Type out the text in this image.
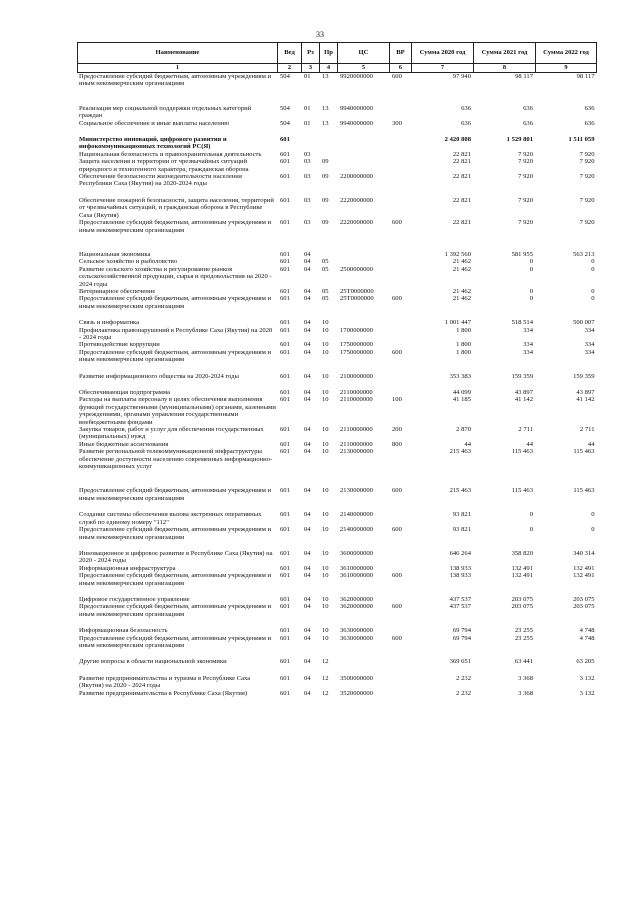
33
Наименование	Вед	Рз	Пр	ЦС	ВР	Сумма 2020 год	Сумма 2021 год	Сумма 2022 год
1	2	3	4	5	6	7	8	9
Предоставление субсидий бюджетным, автономным учреждениям и иным некоммерческим организациям	504	01	13	9920000000	600	97 940	98 117	98 117

Реализация мер социальной поддержки отдельных категорий граждан	504	01	13	9940000000		636	636	636
Социальное обеспечение и иные выплаты населению	504	01	13	9940000000	300	636	636	636

Министерство инноваций, цифрового развития и инфокоммуникационных технологий РС(Я)	601					2 420 808	1 529 801	1 511 059
Национальная безопасность и правоохранительная деятельность	601	03				22 821	7 920	7 920
Защита населения и территории от чрезвычайных ситуаций природного и техногенного характера, гражданская оборона	601	03	09			22 821	7 920	7 920
Обеспечение безопасности жизнедеятельности населения Республики Саха (Якутия) на 2020-2024 годы	601	03	09	2200000000		22 821	7 920	7 920

Обеспечение пожарной безопасности, защита населения, территорий от чрезвычайных ситуаций, и гражданская оборона в Республике Саха (Якутия)	601	03	09	2220000000		22 821	7 920	7 920
Предоставление субсидий бюджетным, автономным учреждениям и иным некоммерческим организациям	601	03	09	2220000000	600	22 821	7 920	7 920

Национальная экономика	601	04				1 392 560	581 955	563 213
Сельское хозяйство и рыболовство	601	04	05			21 462	0	0
Развитие сельского хозяйства и регулирование рынков сельскохозяйственной продукции, сырья и продовольствия на 2020 - 2024 годы	601	04	05	2500000000		21 462	0	0
Ветеринарное обеспечение	601	04	05	25Т0000000		21 462	0	0
Предоставление субсидий бюджетным, автономным учреждениям и иным некоммерческим организациям	601	04	05	25Т0000000	600	21 462	0	0

Связь и информатика	601	04	10			1 001 447	518 514	500 007
Профилактика правонарушений в Республике Саха (Якутия) на 2020 - 2024 годы	601	04	10	1700000000		1 800	334	334
Противодействие коррупции	601	04	10	1750000000		1 800	334	334
Предоставление субсидий бюджетным, автономным учреждениям и иным некоммерческим организациям	601	04	10	1750000000	600	1 800	334	334

Развитие информационного общества на 2020-2024 годы	601	04	10	2100000000		353 383	159 359	159 359

Обеспечивающая подпрограмма	601	04	10	2110000000		44 099	43 897	43 897
Расходы на выплаты персоналу в целях обеспечения выполнения функций государственными (муниципальными) органами, казенными учреждениями, органами управления государственными внебюджетными фондами	601	04	10	2110000000	100	41 185	41 142	41 142
Закупка товаров, работ и услуг для обеспечения государственных (муниципальных) нужд	601	04	10	2110000000	200	2 870	2 711	2 711
Иные бюджетные ассигнования	601	04	10	2110000000	800	44	44	44
Развитие региональной телекоммуникационной инфраструктуры обеспечение доступности населению современных информационно-коммуникационных услуг	601	04	10	2130000000		215 463	115 463	115 463

Предоставление субсидий бюджетным, автономным учреждениям и иным некоммерческим организациям	601	04	10	2130000000	600	215 463	115 463	115 463

Создание системы обеспечения вызова экстренных оперативных служб по единому номеру "112"	601	04	10	2140000000		93 821	0	0
Предоставление субсидий бюджетным, автономным учреждениям и иным некоммерческим организациям	601	04	10	2140000000	600	93 821	0	0

Инновационное и цифровое развитие в Республике Саха (Якутия) на 2020 - 2024 годы	601	04	10	3600000000		646 264	358 820	340 314
Информационная инфраструктура	601	04	10	3610000000		138 933	132 491	132 491
Предоставление субсидий бюджетным, автономным учреждениям и иным некоммерческим организациям	601	04	10	3610000000	600	138 933	132 491	132 491

Цифровое государственное управление	601	04	10	3620000000		437 537	203 075	203 075
Предоставление субсидий бюджетным, автономным учреждениям и иным некоммерческим организациям	601	04	10	3620000000	600	437 537	203 075	203 075

Информационная безопасность	601	04	10	3630000000		69 794	23 255	4 748
Предоставление субсидий бюджетным, автономным учреждениям и иным некоммерческим организациям	601	04	10	3630000000	600	69 794	23 255	4 748

Другие вопросы в области национальной экономики	601	04	12			369 651	63 441	63 205

Развитие предпринимательства и туризма в Республике Саха (Якутия) на 2020 - 2024 годы	601	04	12	3500000000		2 232	3 368	3 132
Развитие предпринимательства в Республике Саха (Якутия)	601	04	12	3520000000		2 232	3 368	3 132
